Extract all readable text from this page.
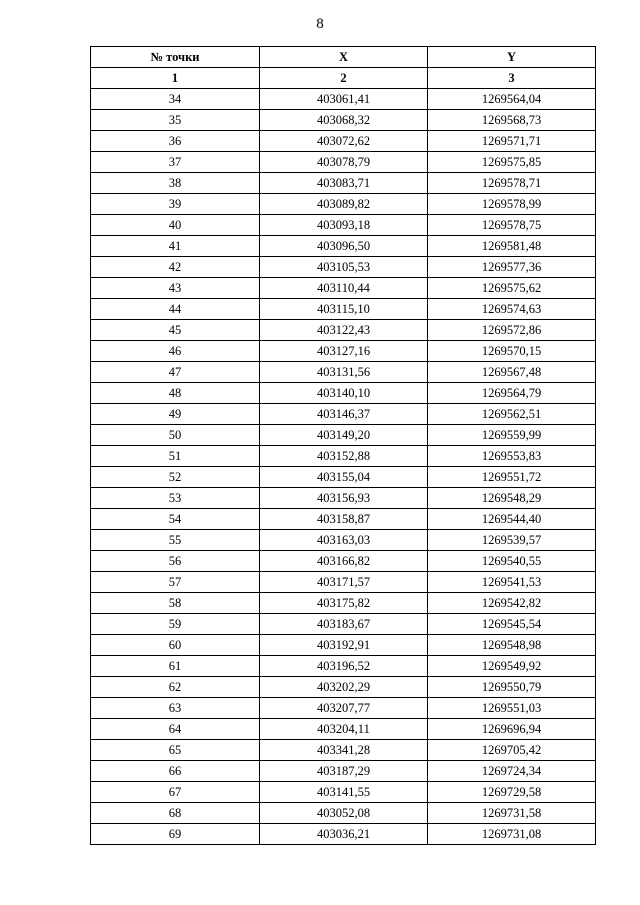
8
№ точки	X	Y
1	2	3
34	403061,41	1269564,04
35	403068,32	1269568,73
36	403072,62	1269571,71
37	403078,79	1269575,85
38	403083,71	1269578,71
39	403089,82	1269578,99
40	403093,18	1269578,75
41	403096,50	1269581,48
42	403105,53	1269577,36
43	403110,44	1269575,62
44	403115,10	1269574,63
45	403122,43	1269572,86
46	403127,16	1269570,15
47	403131,56	1269567,48
48	403140,10	1269564,79
49	403146,37	1269562,51
50	403149,20	1269559,99
51	403152,88	1269553,83
52	403155,04	1269551,72
53	403156,93	1269548,29
54	403158,87	1269544,40
55	403163,03	1269539,57
56	403166,82	1269540,55
57	403171,57	1269541,53
58	403175,82	1269542,82
59	403183,67	1269545,54
60	403192,91	1269548,98
61	403196,52	1269549,92
62	403202,29	1269550,79
63	403207,77	1269551,03
64	403204,11	1269696,94
65	403341,28	1269705,42
66	403187,29	1269724,34
67	403141,55	1269729,58
68	403052,08	1269731,58
69	403036,21	1269731,08
